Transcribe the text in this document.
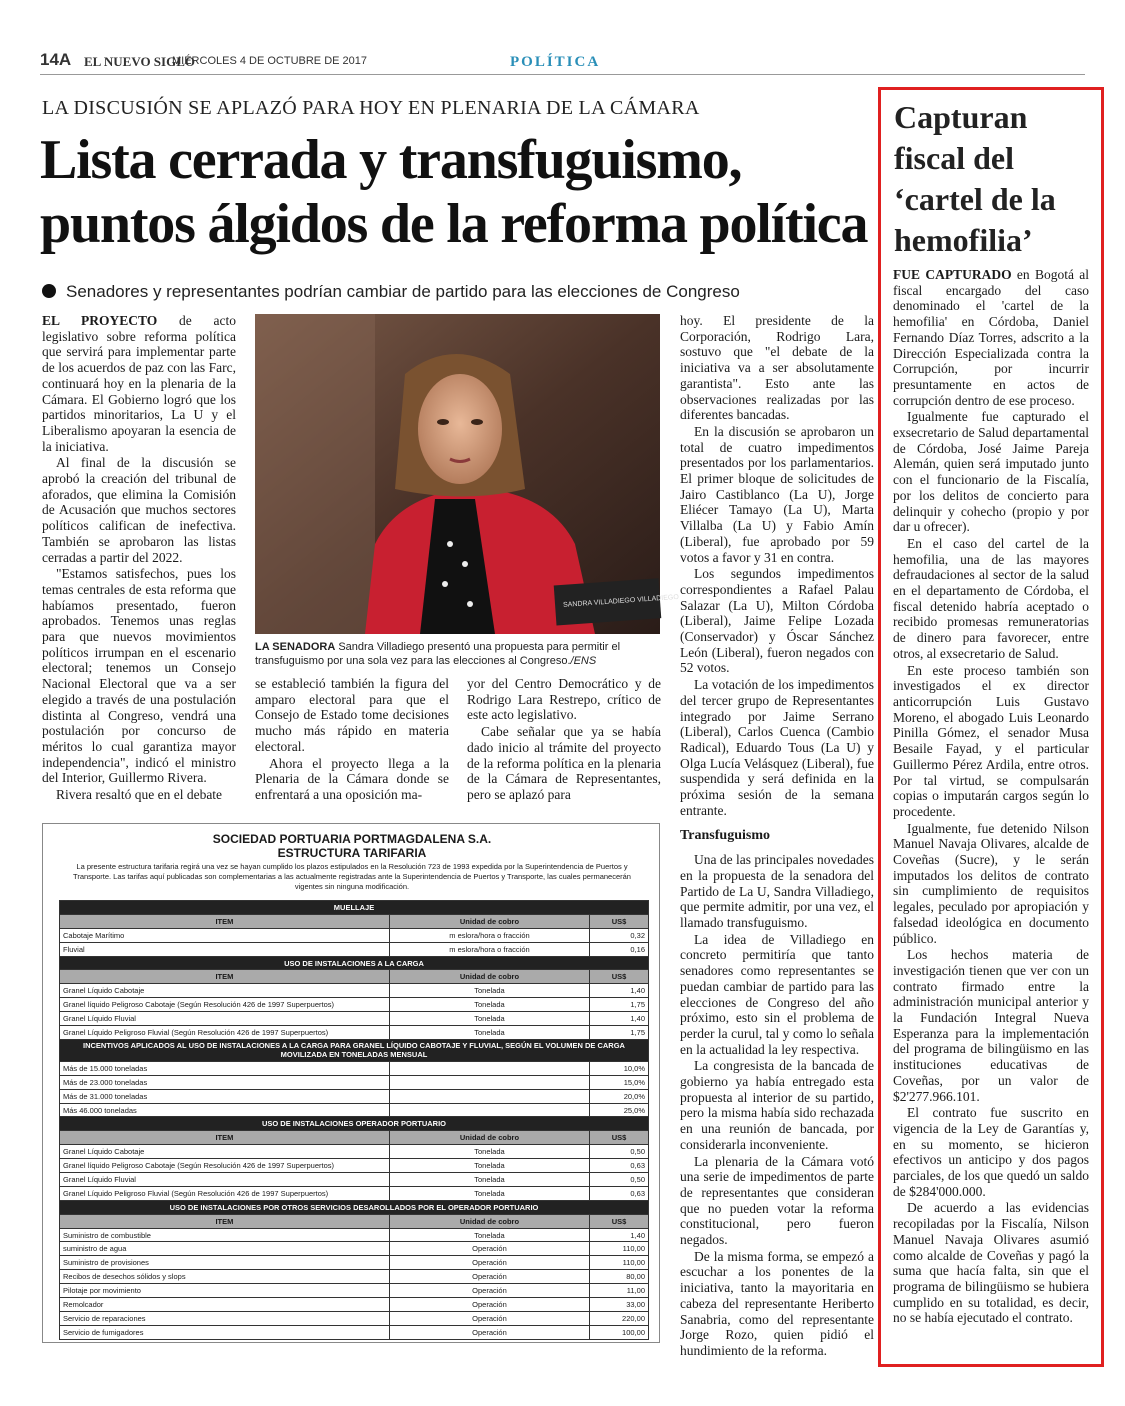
14A EL NUEVO SIGLO
MIÉRCOLES 4 DE OCTUBRE DE 2017	POLÍTICA
LA DISCUSIÓN SE APLAZÓ PARA HOY EN PLENARIA DE LA CÁMARA
Lista cerrada y transfuguismo,
puntos álgidos de la reforma política
Senadores y representantes podrían cambiar de partido para las elecciones de Congreso

EL PROYECTO de acto legislativo sobre reforma política que servirá para implementar parte de los acuerdos de paz con las Farc, continuará hoy en la plenaria de la Cámara. El Gobierno logró que los partidos minoritarios, La U y el Liberalismo apoyaran la esencia de la iniciativa.

Al final de la discusión se aprobó la creación del tribunal de aforados, que elimina la Comisión de Acusación que muchos sectores políticos califican de inefectiva. También se aprobaron las listas cerradas a partir del 2022.

"Estamos satisfechos, pues los temas centrales de esta reforma que habíamos presentado, fueron aprobados. Tenemos unas reglas para que nuevos movimientos políticos irrumpan en el escenario electoral; tenemos un Consejo Nacional Electoral que va a ser elegido a través de una postulación distinta al Congreso, vendrá una postulación por concurso de méritos lo cual garantiza mayor independencia", indicó el ministro del Interior, Guillermo Rivera.

Rivera resaltó que en el debate

SANDRA VILLADIEGO VILLADIEGO
LA SENADORA Sandra Villadiego presentó una propuesta para permitir el transfuguismo por una sola vez para las elecciones al Congreso./ENS

se estableció también la figura del amparo electoral para que el Consejo de Estado tome decisiones mucho más rápido en materia electoral.

Ahora el proyecto llega a la Plenaria de la Cámara donde se enfrentará a una oposición ma-

yor del Centro Democrático y de Rodrigo Lara Restrepo, crítico de este acto legislativo.

Cabe señalar que ya se había dado inicio al trámite del proyecto de la reforma política en la plenaria de la Cámara de Representantes, pero se aplazó para

hoy. El presidente de la Corporación, Rodrigo Lara, sostuvo que "el debate de la iniciativa va a ser absolutamente garantista". Esto ante las observaciones realizadas por las diferentes bancadas.

En la discusión se aprobaron un total de cuatro impedimentos presentados por los parlamentarios. El primer bloque de solicitudes de Jairo Castiblanco (La U), Jorge Eliécer Tamayo (La U), Marta Villalba (La U) y Fabio Amín (Liberal), fue aprobado por 59 votos a favor y 31 en contra.

Los segundos impedimentos correspondientes a Rafael Palau Salazar (La U), Milton Córdoba (Liberal), Jaime Felipe Lozada (Conservador) y Óscar Sánchez León (Liberal), fueron negados con 52 votos.

La votación de los impedimentos del tercer grupo de Representantes integrado por Jaime Serrano (Liberal), Carlos Cuenca (Cambio Radical), Eduardo Tous (La U) y Olga Lucía Velásquez (Liberal), fue suspendida y será definida en la próxima sesión de la semana entrante.

Transfuguismo

Una de las principales novedades en la propuesta de la senadora del Partido de La U, Sandra Villadiego, que permite admitir, por una vez, el llamado transfuguismo.

La idea de Villadiego en concreto permitiría que tanto senadores como representantes se puedan cambiar de partido para las elecciones de Congreso del año próximo, esto sin el problema de perder la curul, tal y como lo señala en la actualidad la ley respectiva.

La congresista de la bancada de gobierno ya había entregado esta propuesta al interior de su partido, pero la misma había sido rechazada en una reunión de bancada, por considerarla inconveniente.

La plenaria de la Cámara votó una serie de impedimentos de parte de representantes que consideran que no pueden votar la reforma constitucional, pero fueron negados.

De la misma forma, se empezó a escuchar a los ponentes de la iniciativa, tanto la mayoritaria en cabeza del representante Heriberto Sanabria, como del representante Jorge Rozo, quien pidió el hundimiento de la reforma.

Capturan fiscal del ‘cartel de la hemofilia’

FUE CAPTURADO en Bogotá al fiscal encargado del caso denominado el 'cartel de la hemofilia' en Córdoba, Daniel Fernando Díaz Torres, adscrito a la Dirección Especializada contra la Corrupción, por incurrir presuntamente en actos de corrupción dentro de ese proceso.

Igualmente fue capturado el exsecretario de Salud departamental de Córdoba, José Jaime Pareja Alemán, quien será imputado junto con el funcionario de la Fiscalía, por los delitos de concierto para delinquir y cohecho (propio y por dar u ofrecer).

En el caso del cartel de la hemofilia, una de las mayores defraudaciones al sector de la salud en el departamento de Córdoba, el fiscal detenido habría aceptado o recibido promesas remuneratorias de dinero para favorecer, entre otros, al exsecretario de Salud.

En este proceso también son investigados el ex director anticorrupción Luis Gustavo Moreno, el abogado Luis Leonardo Pinilla Gómez, el senador Musa Besaile Fayad, y el particular Guillermo Pérez Ardila, entre otros. Por tal virtud, se compulsarán copias o imputarán cargos según lo procedente.

Igualmente, fue detenido Nilson Manuel Navaja Olivares, alcalde de Coveñas (Sucre), y le serán imputados los delitos de contrato sin cumplimiento de requisitos legales, peculado por apropiación y falsedad ideológica en documento público.

Los hechos materia de investigación tienen que ver con un contrato firmado entre la administración municipal anterior y la Fundación Integral Nueva Esperanza para la implementación del programa de bilingüismo en las instituciones educativas de Coveñas, por un valor de $2'277.966.101.

El contrato fue suscrito en vigencia de la Ley de Garantías y, en su momento, se hicieron efectivos un anticipo y dos pagos parciales, de los que quedó un saldo de $284'000.000.

De acuerdo a las evidencias recopiladas por la Fiscalía, Nilson Manuel Navaja Olivares asumió como alcalde de Coveñas y pagó la suma que hacía falta, sin que el programa de bilingüismo se hubiera cumplido en su totalidad, es decir, no se había ejecutado el contrato.

SOCIEDAD PORTUARIA PORTMAGDALENA S.A.
ESTRUCTURA TARIFARIA
La presente estructura tarifaria regirá una vez se hayan cumplido los plazos estipulados en la Resolución 723 de 1993 expedida por la Superintendencia de Puertos y Transporte. Las tarifas aquí publicadas son complementarias a las actualmente registradas ante la Superintendencia de Puertos y Transporte, las cuales permanecerán vigentes sin ninguna modificación.
MUELLAJE		
ITEM	Unidad de cobro	US$
Cabotaje Marítimo	m eslora/hora o fracción	0,32
Fluvial	m eslora/hora o fracción	0,16
USO DE INSTALACIONES A LA CARGA		
ITEM	Unidad de cobro	US$
Granel Líquido Cabotaje	Tonelada	1,40
Granel líquido Peligroso Cabotaje (Según Resolución 426 de 1997 Superpuertos)	Tonelada	1,75
Granel Líquido Fluvial	Tonelada	1,40
Granel Líquido Peligroso Fluvial (Según Resolución 426 de 1997 Superpuertos)	Tonelada	1,75
INCENTIVOS APLICADOS AL USO DE INSTALACIONES A LA CARGA PARA GRANEL LÍQUIDO CABOTAJE Y FLUVIAL, SEGÚN EL VOLUMEN DE CARGA MOVILIZADA EN TONELADAS MENSUAL		
Más de 15.000 toneladas		10,0%
Más de 23.000 toneladas		15,0%
Más de 31.000 toneladas		20,0%
Más 46.000 toneladas		25,0%
USO DE INSTALACIONES OPERADOR PORTUARIO		
ITEM	Unidad de cobro	US$
Granel Líquido Cabotaje	Tonelada	0,50
Granel líquido Peligroso Cabotaje (Según Resolución 426 de 1997 Superpuertos)	Tonelada	0,63
Granel Líquido Fluvial	Tonelada	0,50
Granel Líquido Peligroso Fluvial (Según Resolución 426 de 1997 Superpuertos)	Tonelada	0,63
USO DE INSTALACIONES POR OTROS SERVICIOS DESAROLLADOS POR EL OPERADOR PORTUARIO		
ITEM	Unidad de cobro	US$
Suministro de combustible	Tonelada	1,40
suministro de agua	Operación	110,00
Suministro de provisiones	Operación	110,00
Recibos de desechos sólidos y slops	Operación	80,00
Pilotaje por movimiento	Operación	11,00
Remolcador	Operación	33,00
Servicio de reparaciones	Operación	220,00
Servicio de fumigadores	Operación	100,00
